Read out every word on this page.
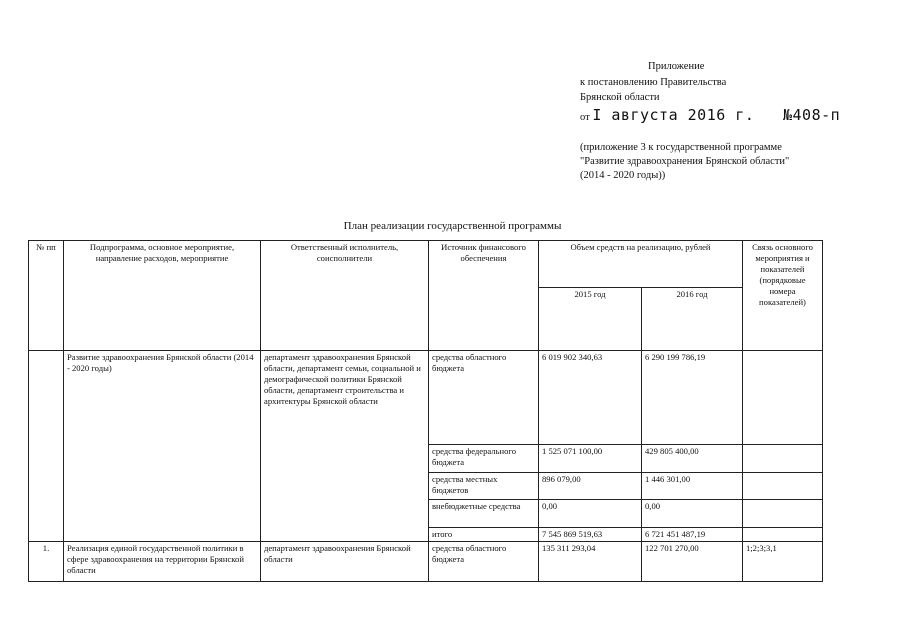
Приложение
к постановлению Правительства
Брянской области
от I августа 2016 г. №408-п
(приложение 3 к государственной программе
"Развитие здравоохранения Брянской области"
(2014 - 2020 годы))
План реализации государственной программы
№ пп	Подпрограмма, основное мероприятие, направление расходов, мероприятие	Ответственный исполнитель, соисполнители	Источник финансового обеспечения	Объем средств на реализацию, рублей		Связь основного мероприятия и показателей (порядковые номера показателей)
				2015 год	2016 год	
	Развитие здравоохранения Брянской области (2014 - 2020 годы)	департамент здравоохранения Брянской области, департамент семьи, социальной и демографической политики Брянской области, департамент строительства и архитектуры Брянской области	средства областного бюджета	6 019 902 340,63	6 290 199 786,19	
			средства федерального бюджета	1 525 071 100,00	429 805 400,00	
			средства местных бюджетов	896 079,00	1 446 301,00	
			внебюджетные средства	0,00	0,00	
			итого	7 545 869 519,63	6 721 451 487,19	
1.	Реализация единой государственной политики в сфере здравоохранения на территории Брянской области	департамент здравоохранения Брянской области	средства областного бюджета	135 311 293,04	122 701 270,00	1;2;3;3,1
